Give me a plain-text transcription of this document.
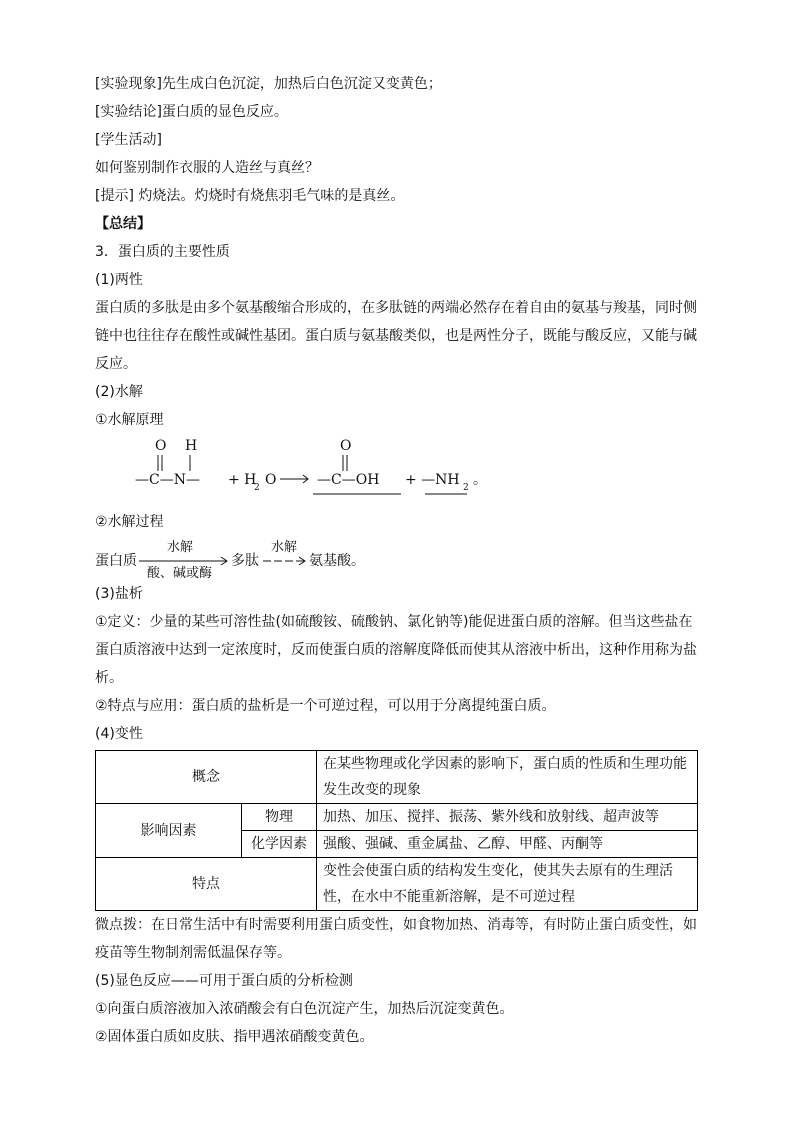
[实验现象]先生成白色沉淀，加热后白色沉淀又变黄色；
[实验结论]蛋白质的显色反应。
[学生活动]
如何鉴别制作衣服的人造丝与真丝？
[提示] 灼烧法。灼烧时有烧焦羽毛气味的是真丝。
【总结】
3．蛋白质的主要性质
(1)两性
蛋白质的多肽是由多个氨基酸缩合形成的，在多肽链的两端必然存在着自由的氨基与羧基，同时侧链中也往往存在酸性或碱性基团。蛋白质与氨基酸类似，也是两性分子，既能与酸反应，又能与碱反应。
(2)水解
①水解原理
O H
—C—N— + H
2 O
O
—C—OH + —NH 2 。
②水解过程
蛋白质
水解
酸、碱或酶
多肽
水解
→ 氨基酸。
(3)盐析
①定义：少量的某些可溶性盐(如硫酸铵、硫酸钠、氯化钠等)能促进蛋白质的溶解。但当这些盐在蛋白质溶液中达到一定浓度时，反而使蛋白质的溶解度降低而使其从溶液中析出，这种作用称为盐析。
②特点与应用：蛋白质的盐析是一个可逆过程，可以用于分离提纯蛋白质。
(4)变性
概念		在某些物理或化学因素的影响下，蛋白质的性质和生理功能发生改变的现象
影响因素	物理	加热、加压、搅拌、振荡、紫外线和放射线、超声波等
	化学因素	强酸、强碱、重金属盐、乙醇、甲醛、丙酮等
特点		变性会使蛋白质的结构发生变化，使其失去原有的生理活性，在水中不能重新溶解，是不可逆过程
微点拨：在日常生活中有时需要利用蛋白质变性，如食物加热、消毒等，有时防止蛋白质变性，如疫苗等生物制剂需低温保存等。
(5)显色反应——可用于蛋白质的分析检测
①向蛋白质溶液加入浓硝酸会有白色沉淀产生，加热后沉淀变黄色。
②固体蛋白质如皮肤、指甲遇浓硝酸变黄色。
